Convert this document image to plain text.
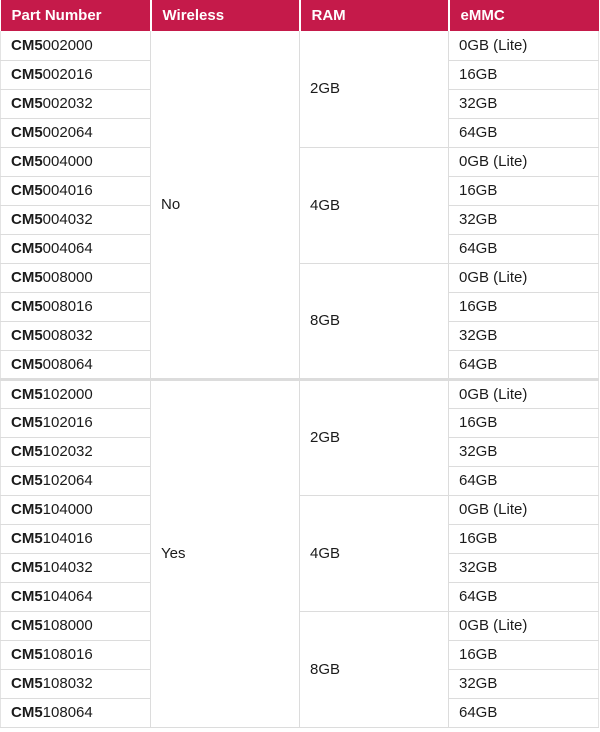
Part Number	Wireless	RAM	eMMC
CM5002000	No	2GB	0GB (Lite)
CM5002016			16GB
CM5002032			32GB
CM5002064			64GB
CM5004000		4GB	0GB (Lite)
CM5004016			16GB
CM5004032			32GB
CM5004064			64GB
CM5008000		8GB	0GB (Lite)
CM5008016			16GB
CM5008032			32GB
CM5008064			64GB
CM5102000	Yes	2GB	0GB (Lite)
CM5102016			16GB
CM5102032			32GB
CM5102064			64GB
CM5104000		4GB	0GB (Lite)
CM5104016			16GB
CM5104032			32GB
CM5104064			64GB
CM5108000		8GB	0GB (Lite)
CM5108016			16GB
CM5108032			32GB
CM5108064			64GB
